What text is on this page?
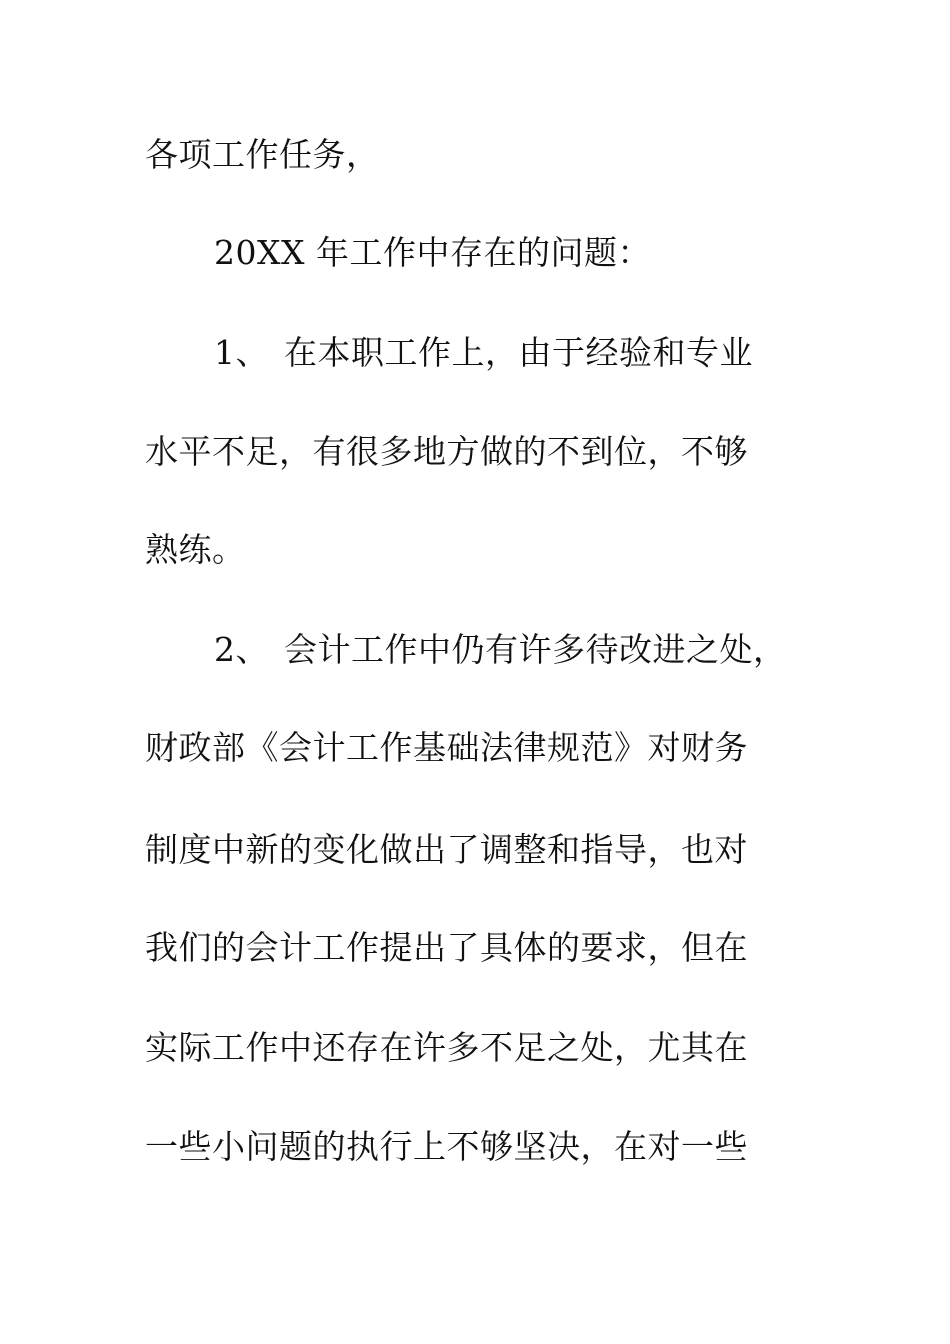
各项工作任务，

20XX 年工作中存在的问题：

1、 在本职工作上，由于经验和专业

水平不足，有很多地方做的不到位，不够

熟练。

2、 会计工作中仍有许多待改进之处，

财政部《会计工作基础法律规范》对财务

制度中新的变化做出了调整和指导，也对

我们的会计工作提出了具体的要求，但在

实际工作中还存在许多不足之处，尤其在

一些小问题的执行上不够坚决，在对一些
